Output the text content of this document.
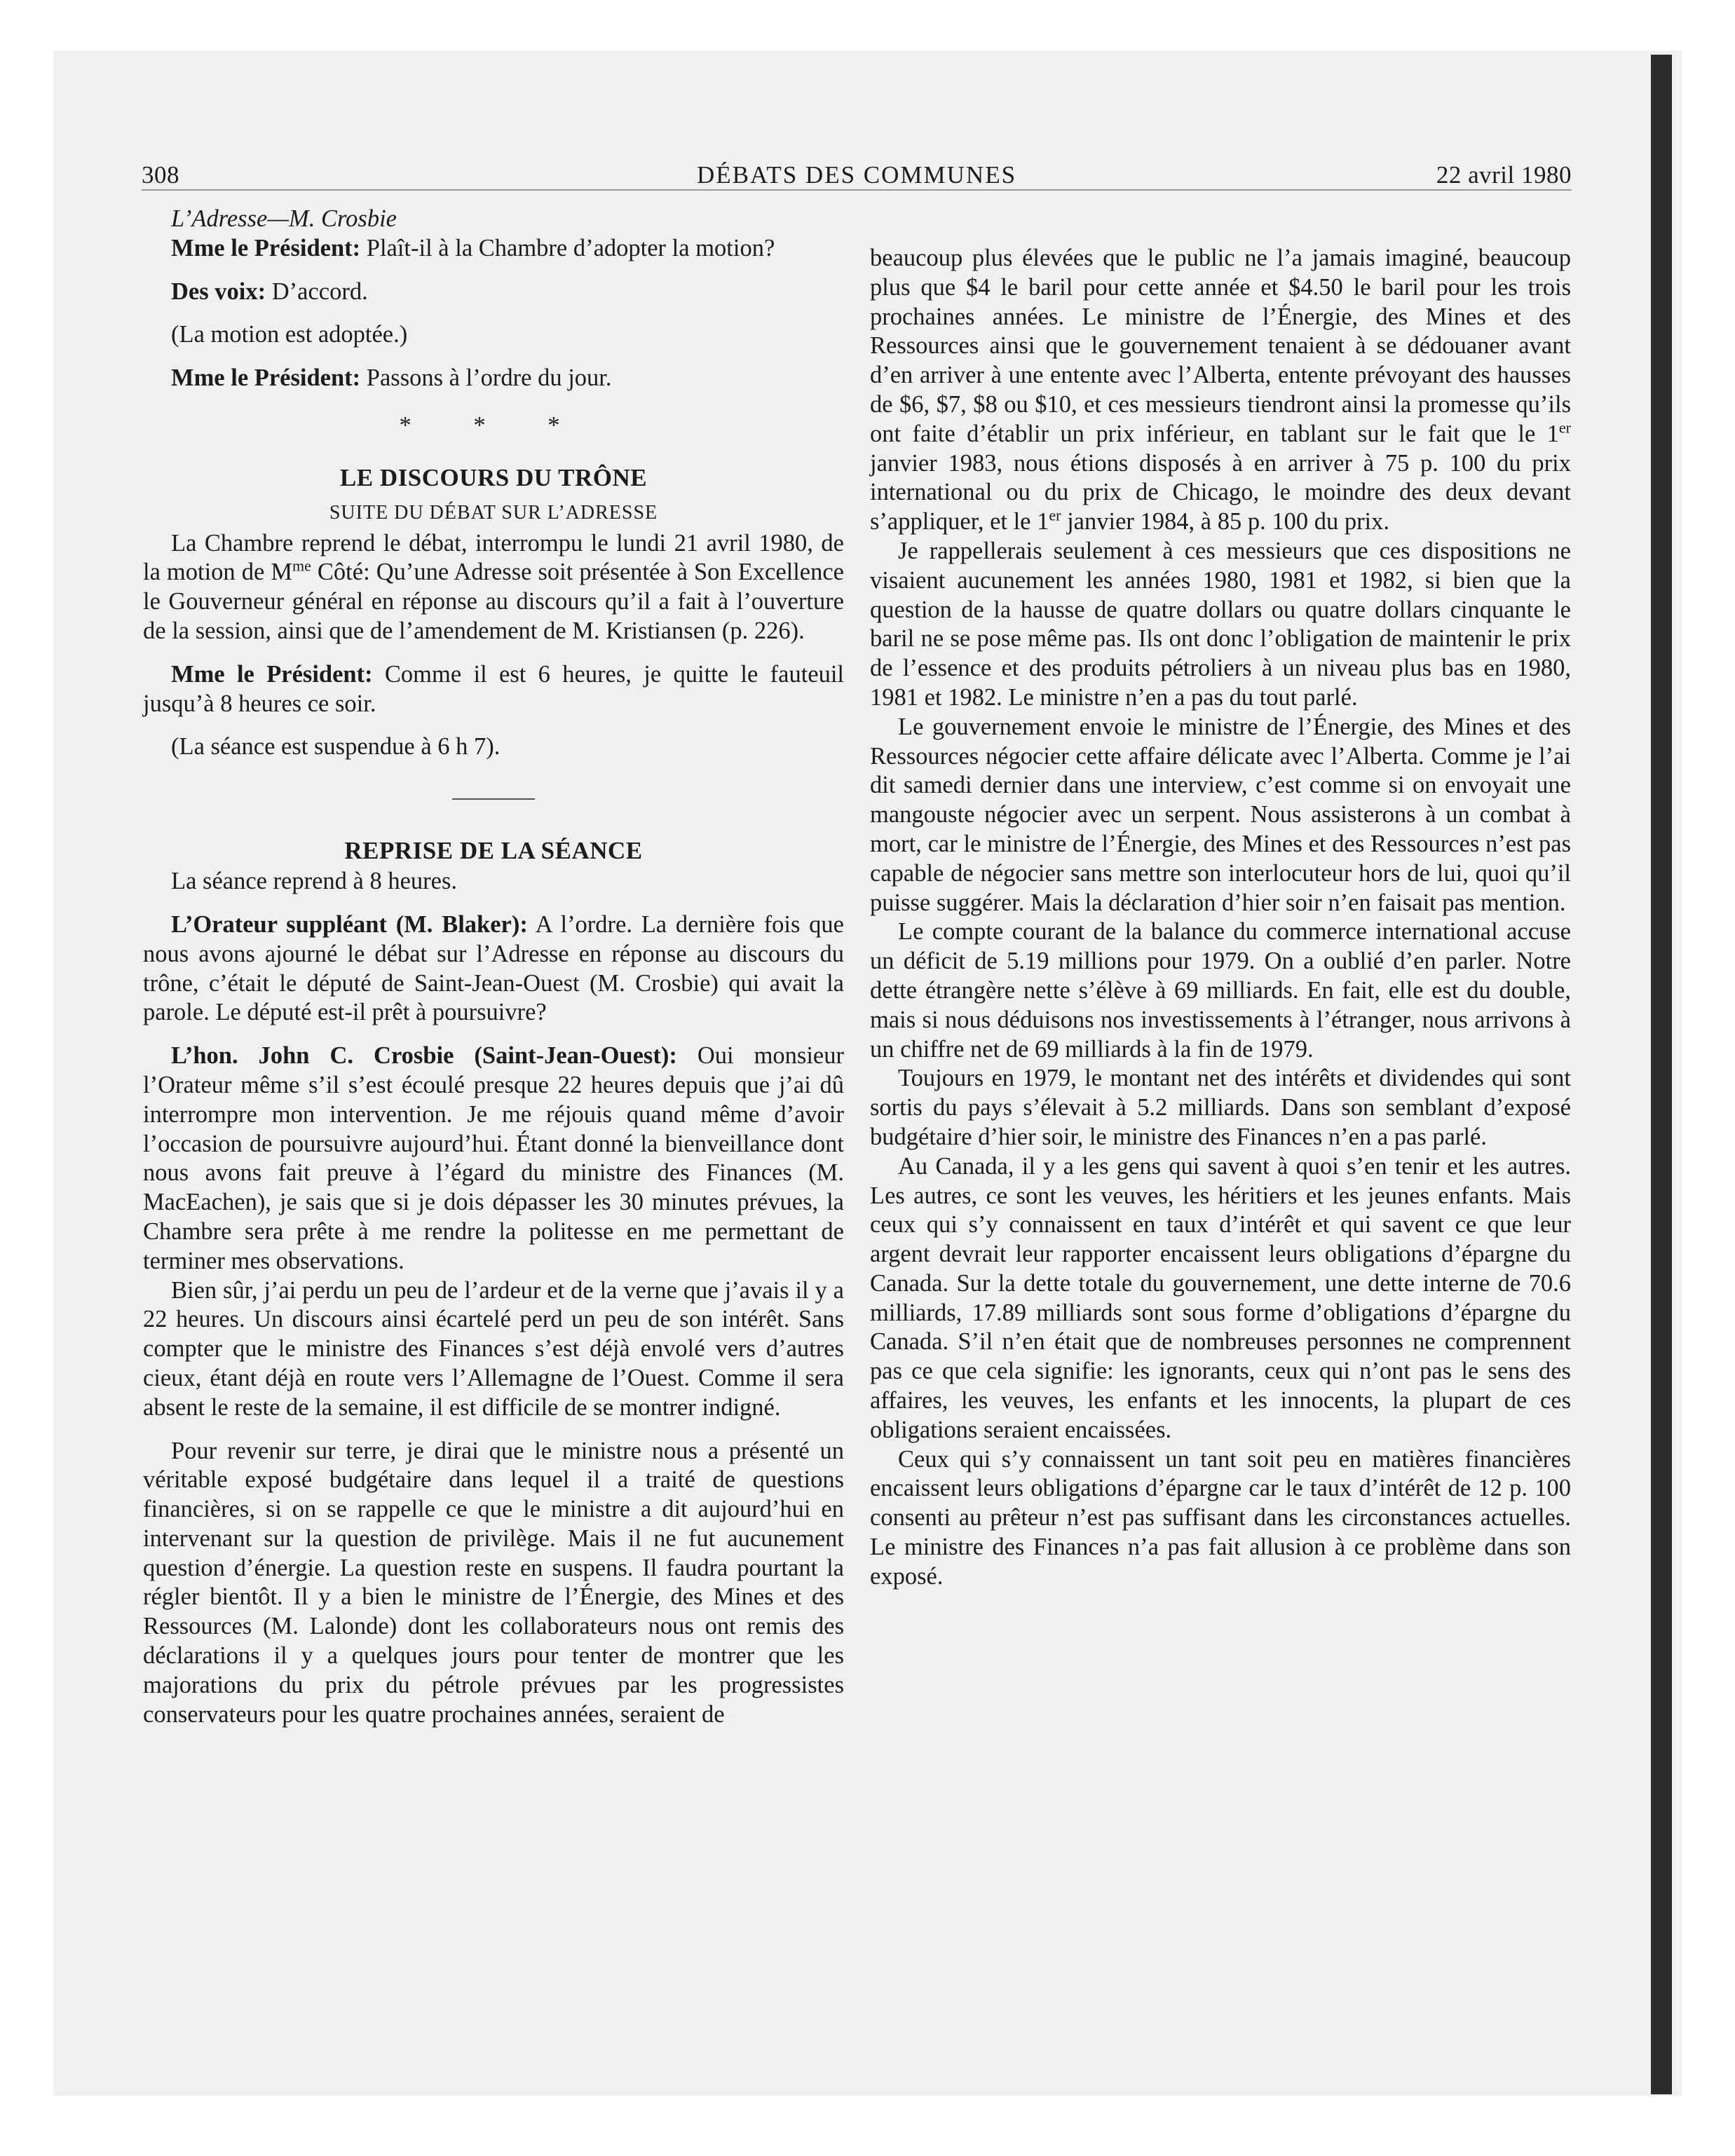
308	DÉBATS DES COMMUNES	22 avril 1980

L’Adresse—M. Crosbie

Mme le Président: Plaît-il à la Chambre d’adopter la motion?

Des voix: D’accord.

(La motion est adoptée.)

Mme le Président: Passons à l’ordre du jour.

* * *
LE DISCOURS DU TRÔNE
SUITE DU DÉBAT SUR L’ADRESSE

La Chambre reprend le débat, interrompu le lundi 21 avril 1980, de la motion de $M^{me}$ Côté: Qu’une Adresse soit présentée à Son Excellence le Gouverneur général en réponse au discours qu’il a fait à l’ouverture de la session, ainsi que de l’amendement de M. Kristiansen (p. 226).

Mme le Président: Comme il est 6 heures, je quitte le fauteuil jusqu’à 8 heures ce soir.

(La séance est suspendue à 6 h 7).

REPRISE DE LA SÉANCE

La séance reprend à 8 heures.

L’Orateur suppléant (M. Blaker): A l’ordre. La dernière fois que nous avons ajourné le débat sur l’Adresse en réponse au discours du trône, c’était le député de Saint-Jean-Ouest (M. Crosbie) qui avait la parole. Le député est-il prêt à poursuivre?

L’hon. John C. Crosbie (Saint-Jean-Ouest): Oui monsieur l’Orateur même s’il s’est écoulé presque 22 heures depuis que j’ai dû interrompre mon intervention. Je me réjouis quand même d’avoir l’occasion de poursuivre aujourd’hui. Étant donné la bienveillance dont nous avons fait preuve à l’égard du ministre des Finances (M. MacEachen), je sais que si je dois dépasser les 30 minutes prévues, la Chambre sera prête à me rendre la politesse en me permettant de terminer mes observations.

Bien sûr, j’ai perdu un peu de l’ardeur et de la verne que j’avais il y a 22 heures. Un discours ainsi écartelé perd un peu de son intérêt. Sans compter que le ministre des Finances s’est déjà envolé vers d’autres cieux, étant déjà en route vers l’Allemagne de l’Ouest. Comme il sera absent le reste de la semaine, il est difficile de se montrer indigné.

Pour revenir sur terre, je dirai que le ministre nous a présenté un véritable exposé budgétaire dans lequel il a traité de questions financières, si on se rappelle ce que le ministre a dit aujourd’hui en intervenant sur la question de privilège. Mais il ne fut aucunement question d’énergie. La question reste en suspens. Il faudra pourtant la régler bientôt. Il y a bien le ministre de l’Énergie, des Mines et des Ressources (M. Lalonde) dont les collaborateurs nous ont remis des déclarations il y a quelques jours pour tenter de montrer que les majorations du prix du pétrole prévues par les progressistes conservateurs pour les quatre prochaines années, seraient de

beaucoup plus élevées que le public ne l’a jamais imaginé, beaucoup plus que $4 le baril pour cette année et $4.50 le baril pour les trois prochaines années. Le ministre de l’Énergie, des Mines et des Ressources ainsi que le gouvernement tenaient à se dédouaner avant d’en arriver à une entente avec l’Alberta, entente prévoyant des hausses de $6, $7, $8 ou $10, et ces messieurs tiendront ainsi la promesse qu’ils ont faite d’établir un prix inférieur, en tablant sur le fait que le 1er janvier 1983, nous étions disposés à en arriver à 75 p. 100 du prix international ou du prix de Chicago, le moindre des deux devant s’appliquer, et le 1er janvier 1984, à 85 p. 100 du prix.

Je rappellerais seulement à ces messieurs que ces dispositions ne visaient aucunement les années 1980, 1981 et 1982, si bien que la question de la hausse de quatre dollars ou quatre dollars cinquante le baril ne se pose même pas. Ils ont donc l’obligation de maintenir le prix de l’essence et des produits pétroliers à un niveau plus bas en 1980, 1981 et 1982. Le ministre n’en a pas du tout parlé.

Le gouvernement envoie le ministre de l’Énergie, des Mines et des Ressources négocier cette affaire délicate avec l’Alberta. Comme je l’ai dit samedi dernier dans une interview, c’est comme si on envoyait une mangouste négocier avec un serpent. Nous assisterons à un combat à mort, car le ministre de l’Énergie, des Mines et des Ressources n’est pas capable de négocier sans mettre son interlocuteur hors de lui, quoi qu’il puisse suggérer. Mais la déclaration d’hier soir n’en faisait pas mention.

Le compte courant de la balance du commerce international accuse un déficit de 5.19 millions pour 1979. On a oublié d’en parler. Notre dette étrangère nette s’élève à 69 milliards. En fait, elle est du double, mais si nous déduisons nos investissements à l’étranger, nous arrivons à un chiffre net de 69 milliards à la fin de 1979.

Toujours en 1979, le montant net des intérêts et dividendes qui sont sortis du pays s’élevait à 5.2 milliards. Dans son semblant d’exposé budgétaire d’hier soir, le ministre des Finances n’en a pas parlé.

Au Canada, il y a les gens qui savent à quoi s’en tenir et les autres. Les autres, ce sont les veuves, les héritiers et les jeunes enfants. Mais ceux qui s’y connaissent en taux d’intérêt et qui savent ce que leur argent devrait leur rapporter encaissent leurs obligations d’épargne du Canada. Sur la dette totale du gouvernement, une dette interne de 70.6 milliards, 17.89 milliards sont sous forme d’obligations d’épargne du Canada. S’il n’en était que de nombreuses personnes ne comprennent pas ce que cela signifie: les ignorants, ceux qui n’ont pas le sens des affaires, les veuves, les enfants et les innocents, la plupart de ces obligations seraient encaissées.

Ceux qui s’y connaissent un tant soit peu en matières financières encaissent leurs obligations d’épargne car le taux d’intérêt de 12 p. 100 consenti au prêteur n’est pas suffisant dans les circonstances actuelles. Le ministre des Finances n’a pas fait allusion à ce problème dans son exposé.
